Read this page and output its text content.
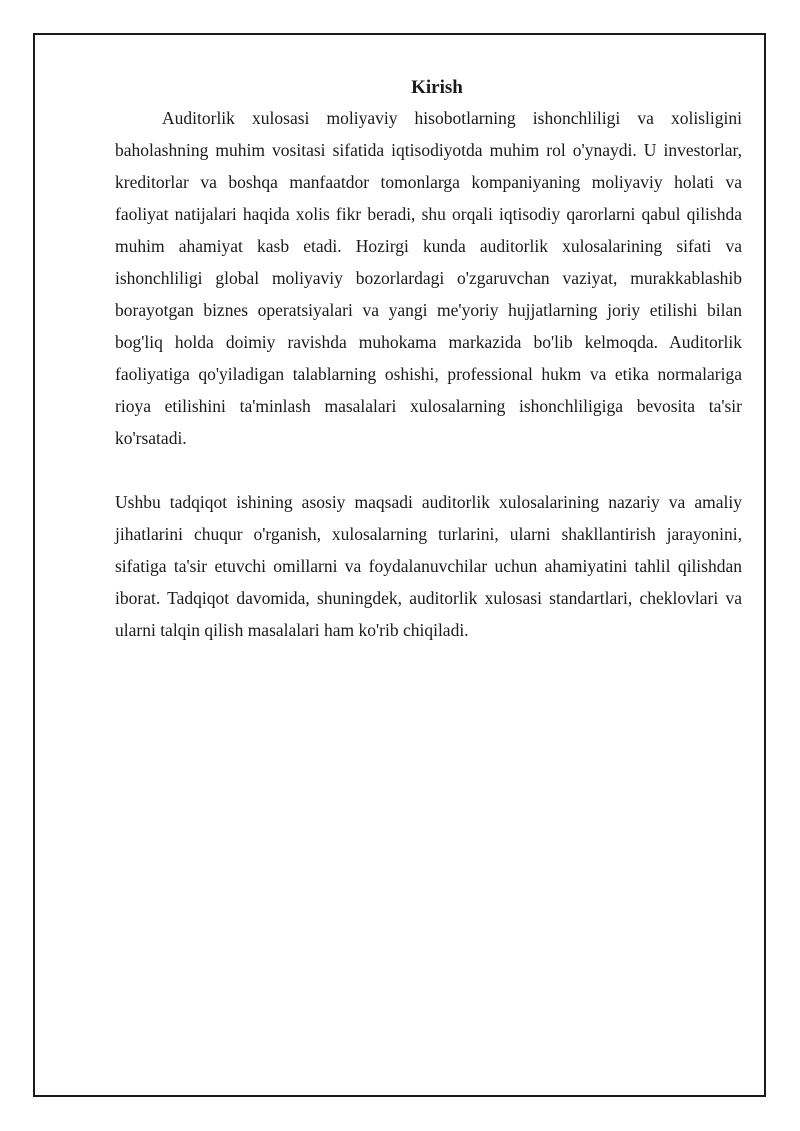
Kirish

Auditorlik xulosasi moliyaviy hisobotlarning ishonchliligi va xolisligini baholashning muhim vositasi sifatida iqtisodiyotda muhim rol o'ynaydi. U investorlar, kreditorlar va boshqa manfaatdor tomonlarga kompaniyaning moliyaviy holati va faoliyat natijalari haqida xolis fikr beradi, shu orqali iqtisodiy qarorlarni qabul qilishda muhim ahamiyat kasb etadi. Hozirgi kunda auditorlik xulosalarining sifati va ishonchliligi global moliyaviy bozorlardagi o'zgaruvchan vaziyat, murakkablashib borayotgan biznes operatsiyalari va yangi me'yoriy hujjatlarning joriy etilishi bilan bog'liq holda doimiy ravishda muhokama markazida bo'lib kelmoqda. Auditorlik faoliyatiga qo'yiladigan talablarning oshishi, professional hukm va etika normalariga rioya etilishini ta'minlash masalalari xulosalarning ishonchliligiga bevosita ta'sir ko'rsatadi.

Ushbu tadqiqot ishining asosiy maqsadi auditorlik xulosalarining nazariy va amaliy jihatlarini chuqur o'rganish, xulosalarning turlarini, ularni shakllantirish jarayonini, sifatiga ta'sir etuvchi omillarni va foydalanuvchilar uchun ahamiyatini tahlil qilishdan iborat. Tadqiqot davomida, shuningdek, auditorlik xulosasi standartlari, cheklovlari va ularni talqin qilish masalalari ham ko'rib chiqiladi.
